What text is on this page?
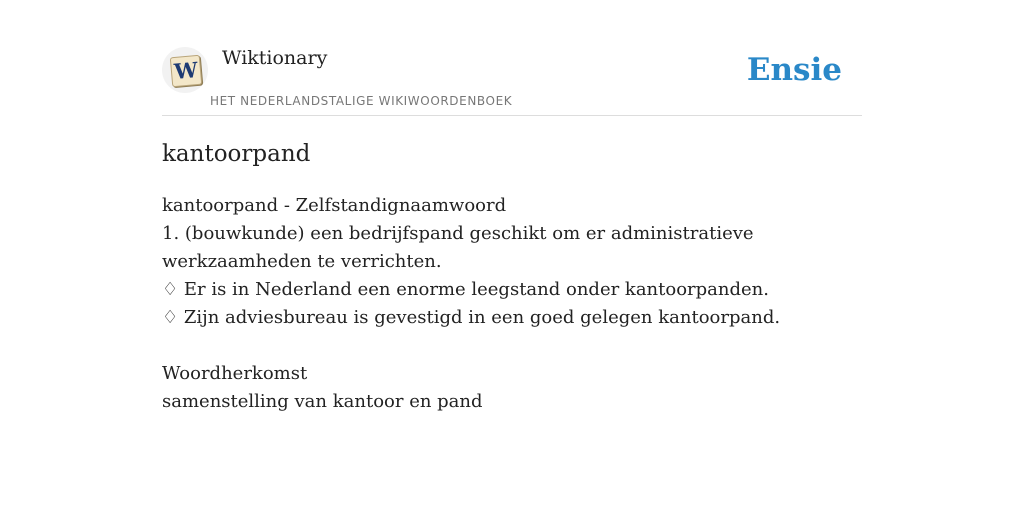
W Wiktionary
HET NEDERLANDSTALIGE WIKIWOORDENBOEK
Ensie
kantoorpand

kantoorpand - Zelfstandignaamwoord

1. (bouwkunde) een bedrijfspand geschikt om er administratieve werkzaamheden te verrichten.

♢ Er is in Nederland een enorme leegstand onder kantoorpanden.

♢ Zijn adviesbureau is gevestigd in een goed gelegen kantoorpand.

Woordherkomst

samenstelling van kantoor en pand
